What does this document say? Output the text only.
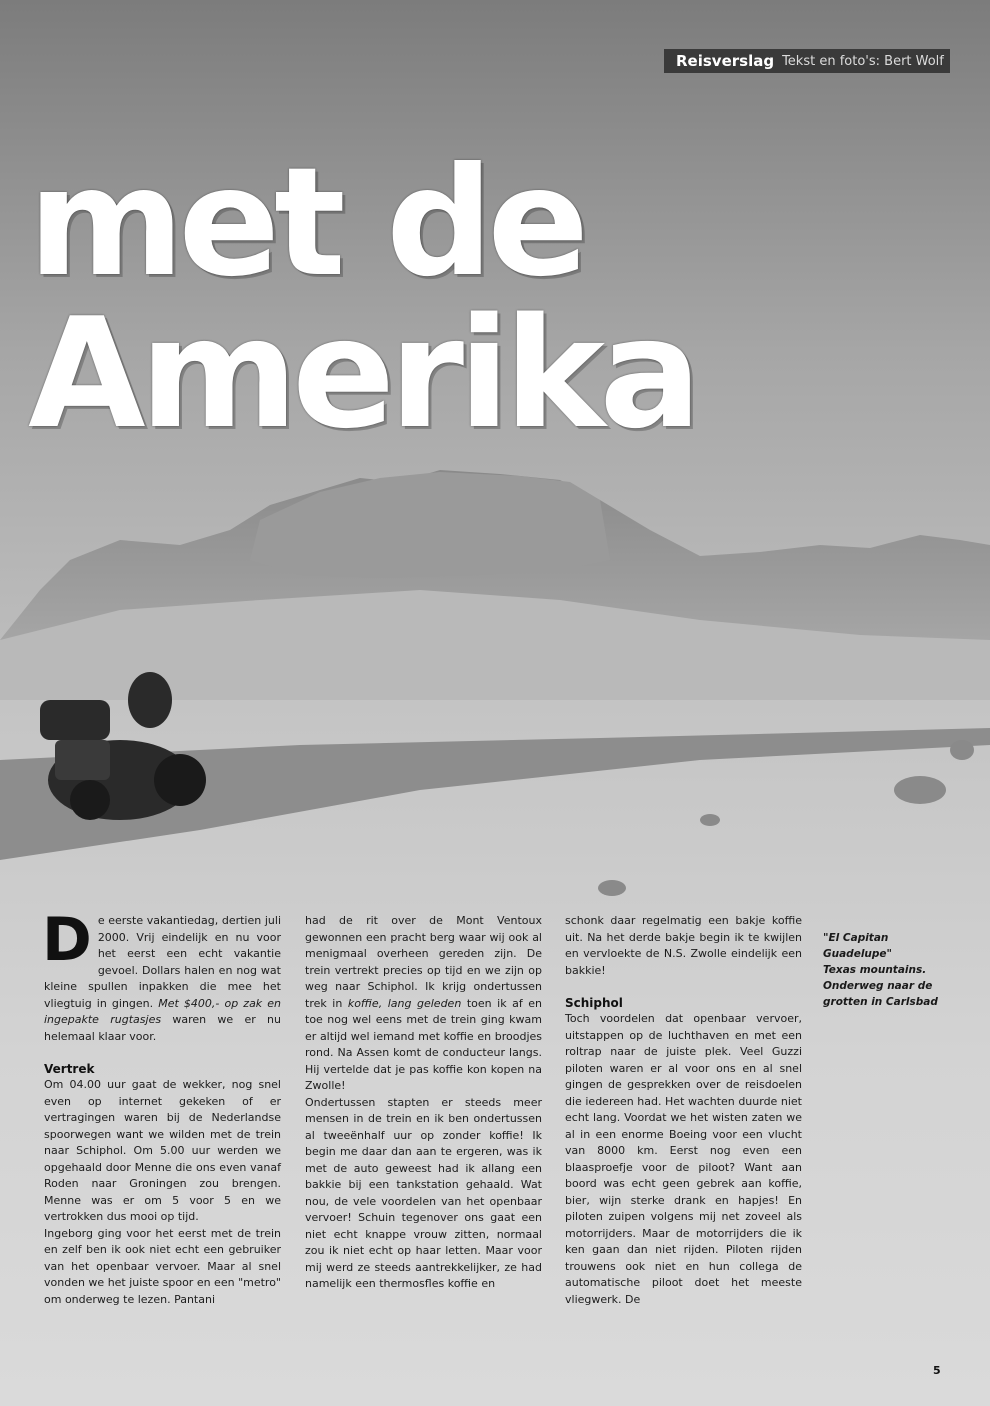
Reisverslag Tekst en foto's: Bert Wolf
met de
Amerika

De eerste vakantiedag, dertien juli 2000. Vrij eindelijk en nu voor het eerst een echt vakantie gevoel. Dollars halen en nog wat kleine spullen inpakken die mee het vliegtuig in gingen. Met $400,- op zak en ingepakte rugtasjes waren we er nu helemaal klaar voor.

Vertrek

Om 04.00 uur gaat de wekker, nog snel even op internet gekeken of er vertragingen waren bij de Nederlandse spoorwegen want we wilden met de trein naar Schiphol. Om 5.00 uur werden we opgehaald door Menne die ons even vanaf Roden naar Groningen zou brengen. Menne was er om 5 voor 5 en we vertrokken dus mooi op tijd.

Ingeborg ging voor het eerst met de trein en zelf ben ik ook niet echt een gebruiker van het openbaar vervoer. Maar al snel vonden we het juiste spoor en een "metro" om onderweg te lezen. Pantani

had de rit over de Mont Ventoux gewonnen een pracht berg waar wij ook al menigmaal overheen gereden zijn. De trein vertrekt precies op tijd en we zijn op weg naar Schiphol. Ik krijg ondertussen trek in koffie, lang geleden toen ik af en toe nog wel eens met de trein ging kwam er altijd wel iemand met koffie en broodjes rond. Na Assen komt de conducteur langs. Hij vertelde dat je pas koffie kon kopen na Zwolle!

Ondertussen stapten er steeds meer mensen in de trein en ik ben ondertussen al tweeënhalf uur op zonder koffie! Ik begin me daar dan aan te ergeren, was ik met de auto geweest had ik allang een bakkie bij een tankstation gehaald. Wat nou, de vele voordelen van het openbaar vervoer! Schuin tegenover ons gaat een niet echt knappe vrouw zitten, normaal zou ik niet echt op haar letten. Maar voor mij werd ze steeds aantrekkelijker, ze had namelijk een thermosfles koffie en

schonk daar regelmatig een bakje koffie uit. Na het derde bakje begin ik te kwijlen en vervloekte de N.S. Zwolle eindelijk een bakkie!

Schiphol

Toch voordelen dat openbaar vervoer, uitstappen op de luchthaven en met een roltrap naar de juiste plek. Veel Guzzi piloten waren er al voor ons en al snel gingen de gesprekken over de reisdoelen die iedereen had. Het wachten duurde niet echt lang. Voordat we het wisten zaten we al in een enorme Boeing voor een vlucht van 8000 km. Eerst nog even een blaasproefje voor de piloot? Want aan boord was echt geen gebrek aan koffie, bier, wijn sterke drank en hapjes! En piloten zuipen volgens mij net zoveel als motorrijders. Maar de motorrijders die ik ken gaan dan niet rijden. Piloten rijden trouwens ook niet en hun collega de automatische piloot doet het meeste vliegwerk. De

"El Capitan Guadelupe"
Texas mountains.
Onderweg naar de
grotten in Carlsbad

5
